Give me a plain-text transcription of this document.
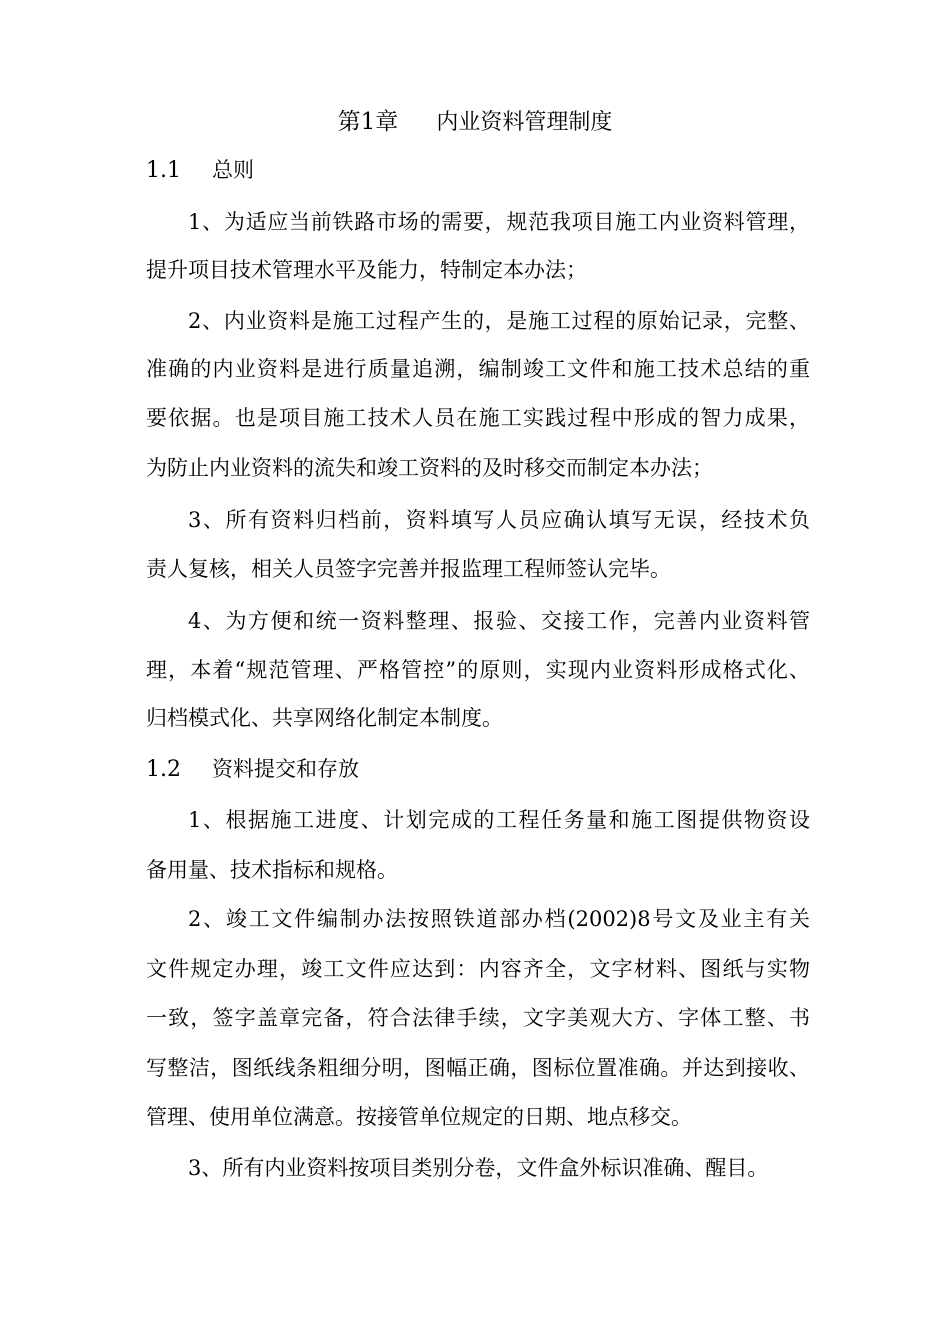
第1章 内业资料管理制度
1.1 总则
1、为适应当前铁路市场的需要，规范我项目施工内业资料管理，
提升项目技术管理水平及能力，特制定本办法；
2、内业资料是施工过程产生的，是施工过程的原始记录，完整、
准确的内业资料是进行质量追溯，编制竣工文件和施工技术总结的重
要依据。也是项目施工技术人员在施工实践过程中形成的智力成果，
为防止内业资料的流失和竣工资料的及时移交而制定本办法；
3、所有资料归档前，资料填写人员应确认填写无误，经技术负
责人复核，相关人员签字完善并报监理工程师签认完毕。
4、为方便和统一资料整理、报验、交接工作，完善内业资料管
理，本着“规范管理、严格管控”的原则，实现内业资料形成格式化、
归档模式化、共享网络化制定本制度。
1.2 资料提交和存放
1、根据施工进度、计划完成的工程任务量和施工图提供物资设
备用量、技术指标和规格。
2、竣工文件编制办法按照铁道部办档(2002)8号文及业主有关
文件规定办理，竣工文件应达到：内容齐全，文字材料、图纸与实物
一致，签字盖章完备，符合法律手续，文字美观大方、字体工整、书
写整洁，图纸线条粗细分明，图幅正确，图标位置准确。并达到接收、
管理、使用单位满意。按接管单位规定的日期、地点移交。
3、所有内业资料按项目类别分卷，文件盒外标识准确、醒目。
